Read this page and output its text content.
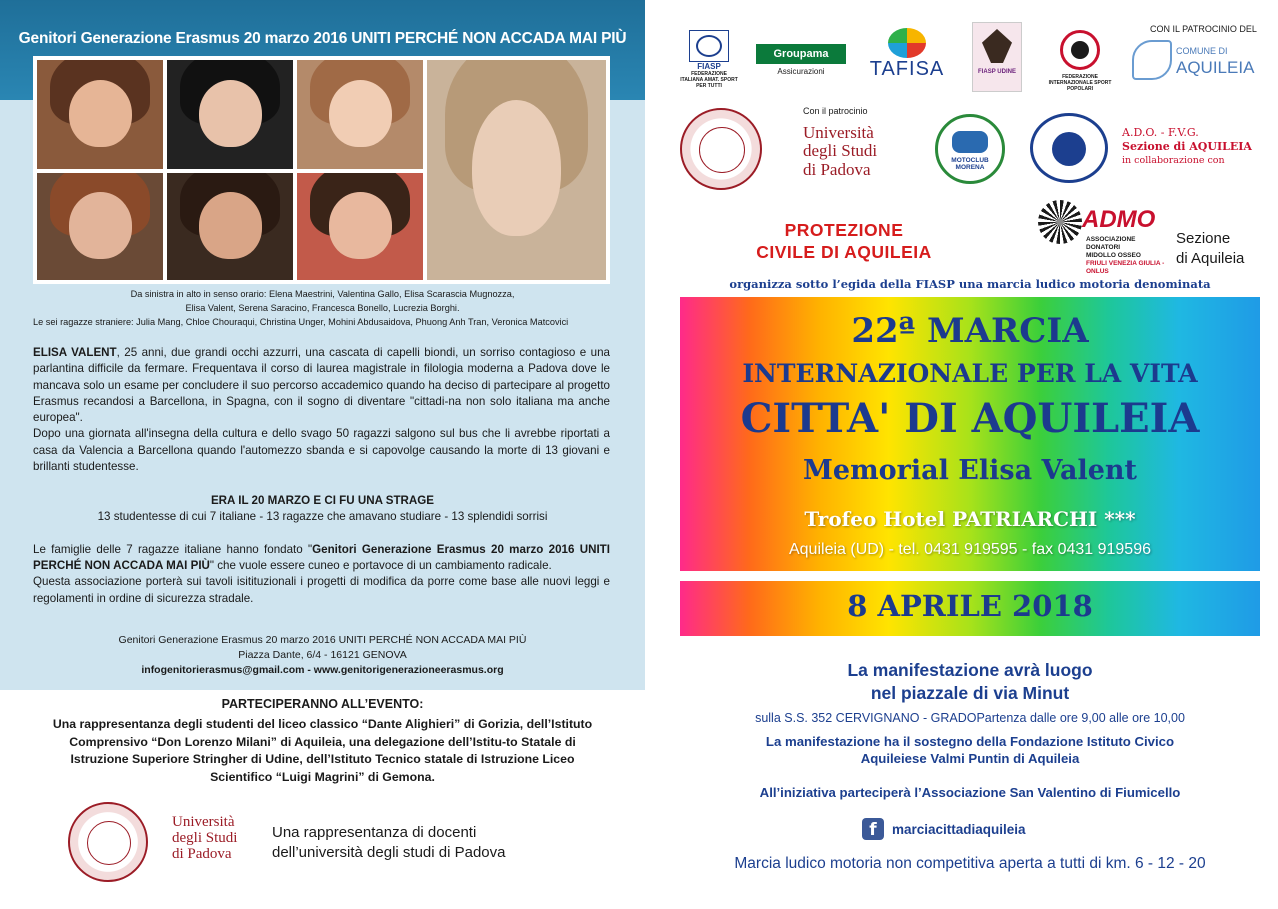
Genitori Generazione Erasmus 20 marzo 2016 UNITI PERCHÉ NON ACCADA MAI PIÙ
Da sinistra in alto in senso orario: Elena Maestrini, Valentina Gallo, Elisa Scarascia Mugnozza,
Elisa Valent, Serena Saracino, Francesca Bonello, Lucrezia Borghi.
Le sei ragazze straniere: Julia Mang, Chloe Chouraqui, Christina Unger, Mohini Abdusaidova, Phuong Anh Tran, Veronica Matcovici
ELISA VALENT, 25 anni, due grandi occhi azzurri, una cascata di capelli biondi, un sorriso contagioso e una parlantina difficile da fermare. Frequentava il corso di laurea magistrale in filologia moderna a Padova dove le mancava solo un esame per concludere il suo percorso accademico quando ha deciso di partecipare al progetto Erasmus recandosi a Barcellona, in Spagna, con il sogno di diventare "cittadi-na non solo italiana ma anche europea".
Dopo una giornata all'insegna della cultura e dello svago 50 ragazzi salgono sul bus che li avrebbe riportati a casa da Valencia a Barcellona quando l'automezzo sbanda e si capovolge causando la morte di 13 giovani e brillanti studentesse.
ERA IL 20 MARZO E CI FU UNA STRAGE
13 studentesse di cui 7 italiane - 13 ragazze che amavano studiare - 13 splendidi sorrisi
Le famiglie delle 7 ragazze italiane hanno fondato "Genitori Generazione Erasmus 20 marzo 2016 UNITI PERCHÉ NON ACCADA MAI PIÙ" che vuole essere cuneo e portavoce di un cambiamento radicale.
Questa associazione porterà sui tavoli isitituzionali i progetti di modifica da porre come base alle nuovi leggi e regolamenti in ordine di sicurezza stradale.
Genitori Generazione Erasmus 20 marzo 2016 UNITI PERCHÉ NON ACCADA MAI PIÙ
Piazza Dante, 6/4 - 16121 GENOVA
infogenitorierasmus@gmail.com - www.genitorigenerazioneerasmus.org
PARTECIPERANNO ALL’EVENTO:
Una rappresentanza degli studenti del liceo classico “Dante Alighieri” di Gorizia, dell’Istituto Comprensivo “Don Lorenzo Milani” di Aquileia, una delegazione dell’Istitu-to Statale di Istruzione Superiore Stringher di Udine, dell’Istituto Tecnico statale di Istruzione Liceo Scientifico “Luigi Magrini” di Gemona.
Università
degli Studi
di Padova
Una rappresentanza di docenti
dell’università degli studi di Padova
FIASP
FEDERAZIONE ITALIANA AMAT. SPORT PER TUTTI
Groupama
Assicurazioni	TAFISA	FIASP UDINE
FEDERAZIONE INTERNAZIONALE SPORT POPOLARI
CON IL PATROCINIO DEL
COMUNE DI
AQUILEIA
Con il patrocinio
Università
degli Studi
di Padova	MOTOCLUB MORENA
A.D.O. - F.V.G.
Sezione di AQUILEIA
in collaborazione con
PROTEZIONE
CIVILE DI AQUILEIA
ADMO
ASSOCIAZIONE DONATORI
MIDOLLO OSSEO
FRIULI VENEZIA GIULIA - ONLUS
Sezione
di Aquileia
organizza sotto l’egida della FIASP una marcia ludico motoria denominata
22ª MARCIA
INTERNAZIONALE PER LA VITA
CITTA' DI AQUILEIA
Memorial Elisa Valent
Trofeo Hotel PATRIARCHI ***
Aquileia (UD) - tel. 0431 919595 - fax 0431 919596
8 APRILE 2018
La manifestazione avrà luogo
nel piazzale di via Minut
sulla S.S. 352 CERVIGNANO - GRADOPartenza dalle ore 9,00 alle ore 10,00
La manifestazione ha il sostegno della Fondazione Istituto Civico
Aquileiese Valmi Puntin di Aquileia
All’iniziativa parteciperà l’Associazione San Valentino di Fiumicello
f	marciacittadiaquileia
Marcia ludico motoria non competitiva aperta a tutti di km. 6 - 12 - 20
